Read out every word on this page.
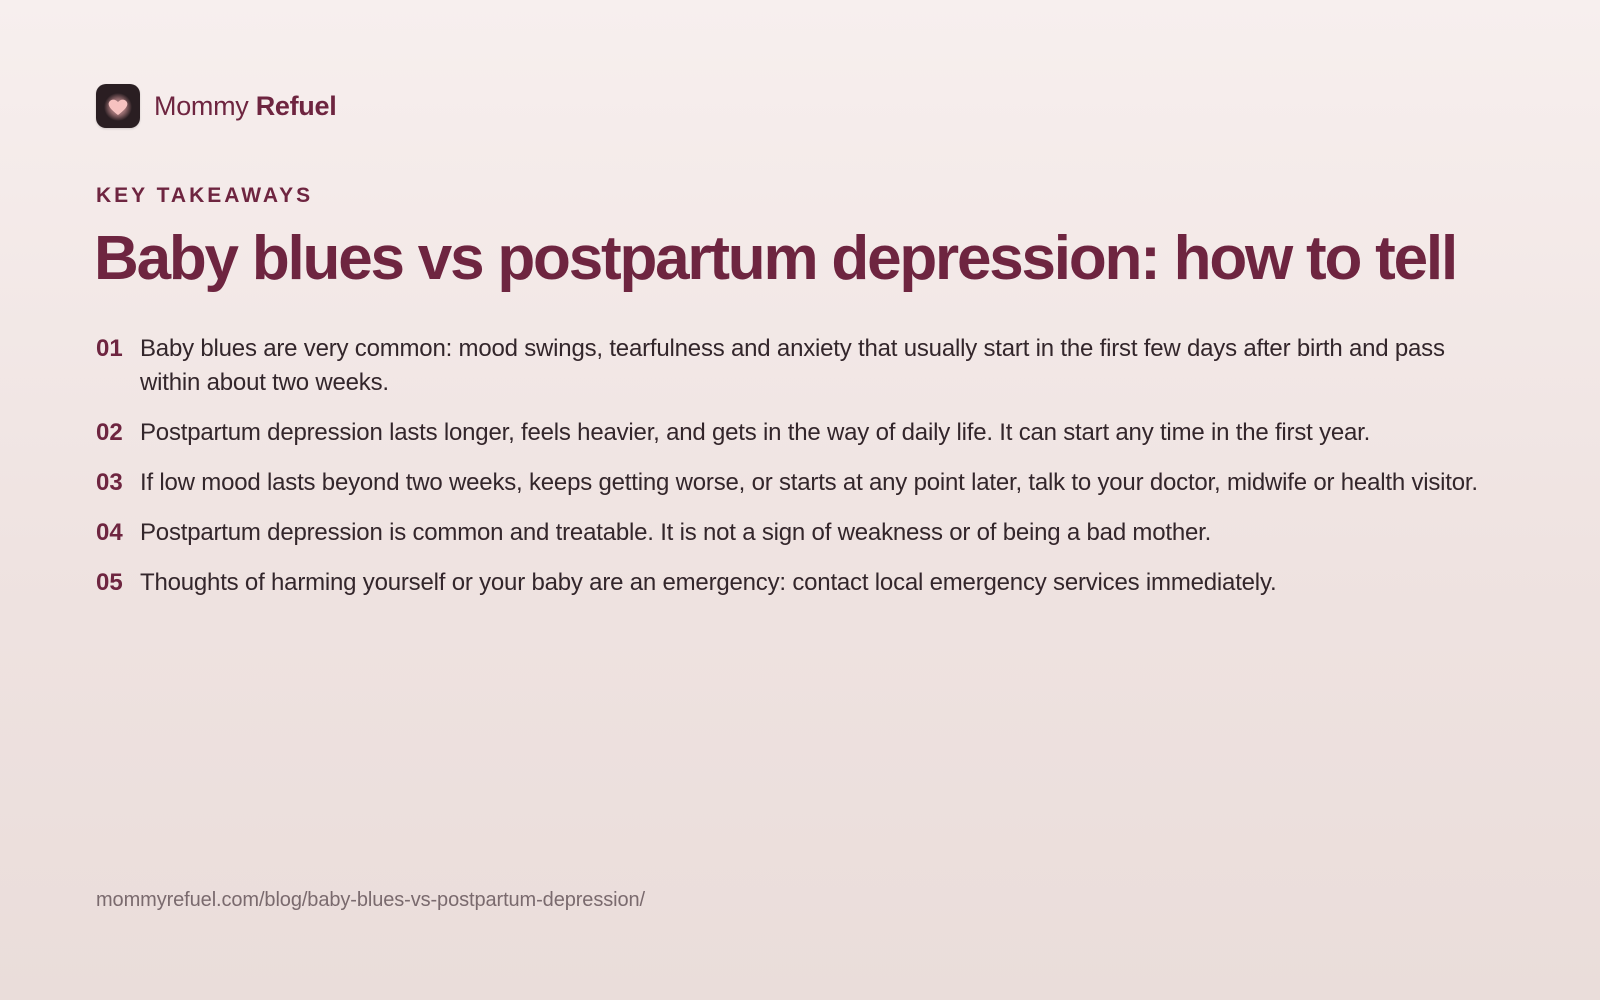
Mommy Refuel
KEY TAKEAWAYS
Baby blues vs postpartum depression: how to tell
01 Baby blues are very common: mood swings, tearfulness and anxiety that usually start in the first few days after birth and pass within about two weeks.
02 Postpartum depression lasts longer, feels heavier, and gets in the way of daily life. It can start any time in the first year.
03 If low mood lasts beyond two weeks, keeps getting worse, or starts at any point later, talk to your doctor, midwife or health visitor.
04 Postpartum depression is common and treatable. It is not a sign of weakness or of being a bad mother.
05 Thoughts of harming yourself or your baby are an emergency: contact local emergency services immediately.
mommyrefuel.com/blog/baby-blues-vs-postpartum-depression/
